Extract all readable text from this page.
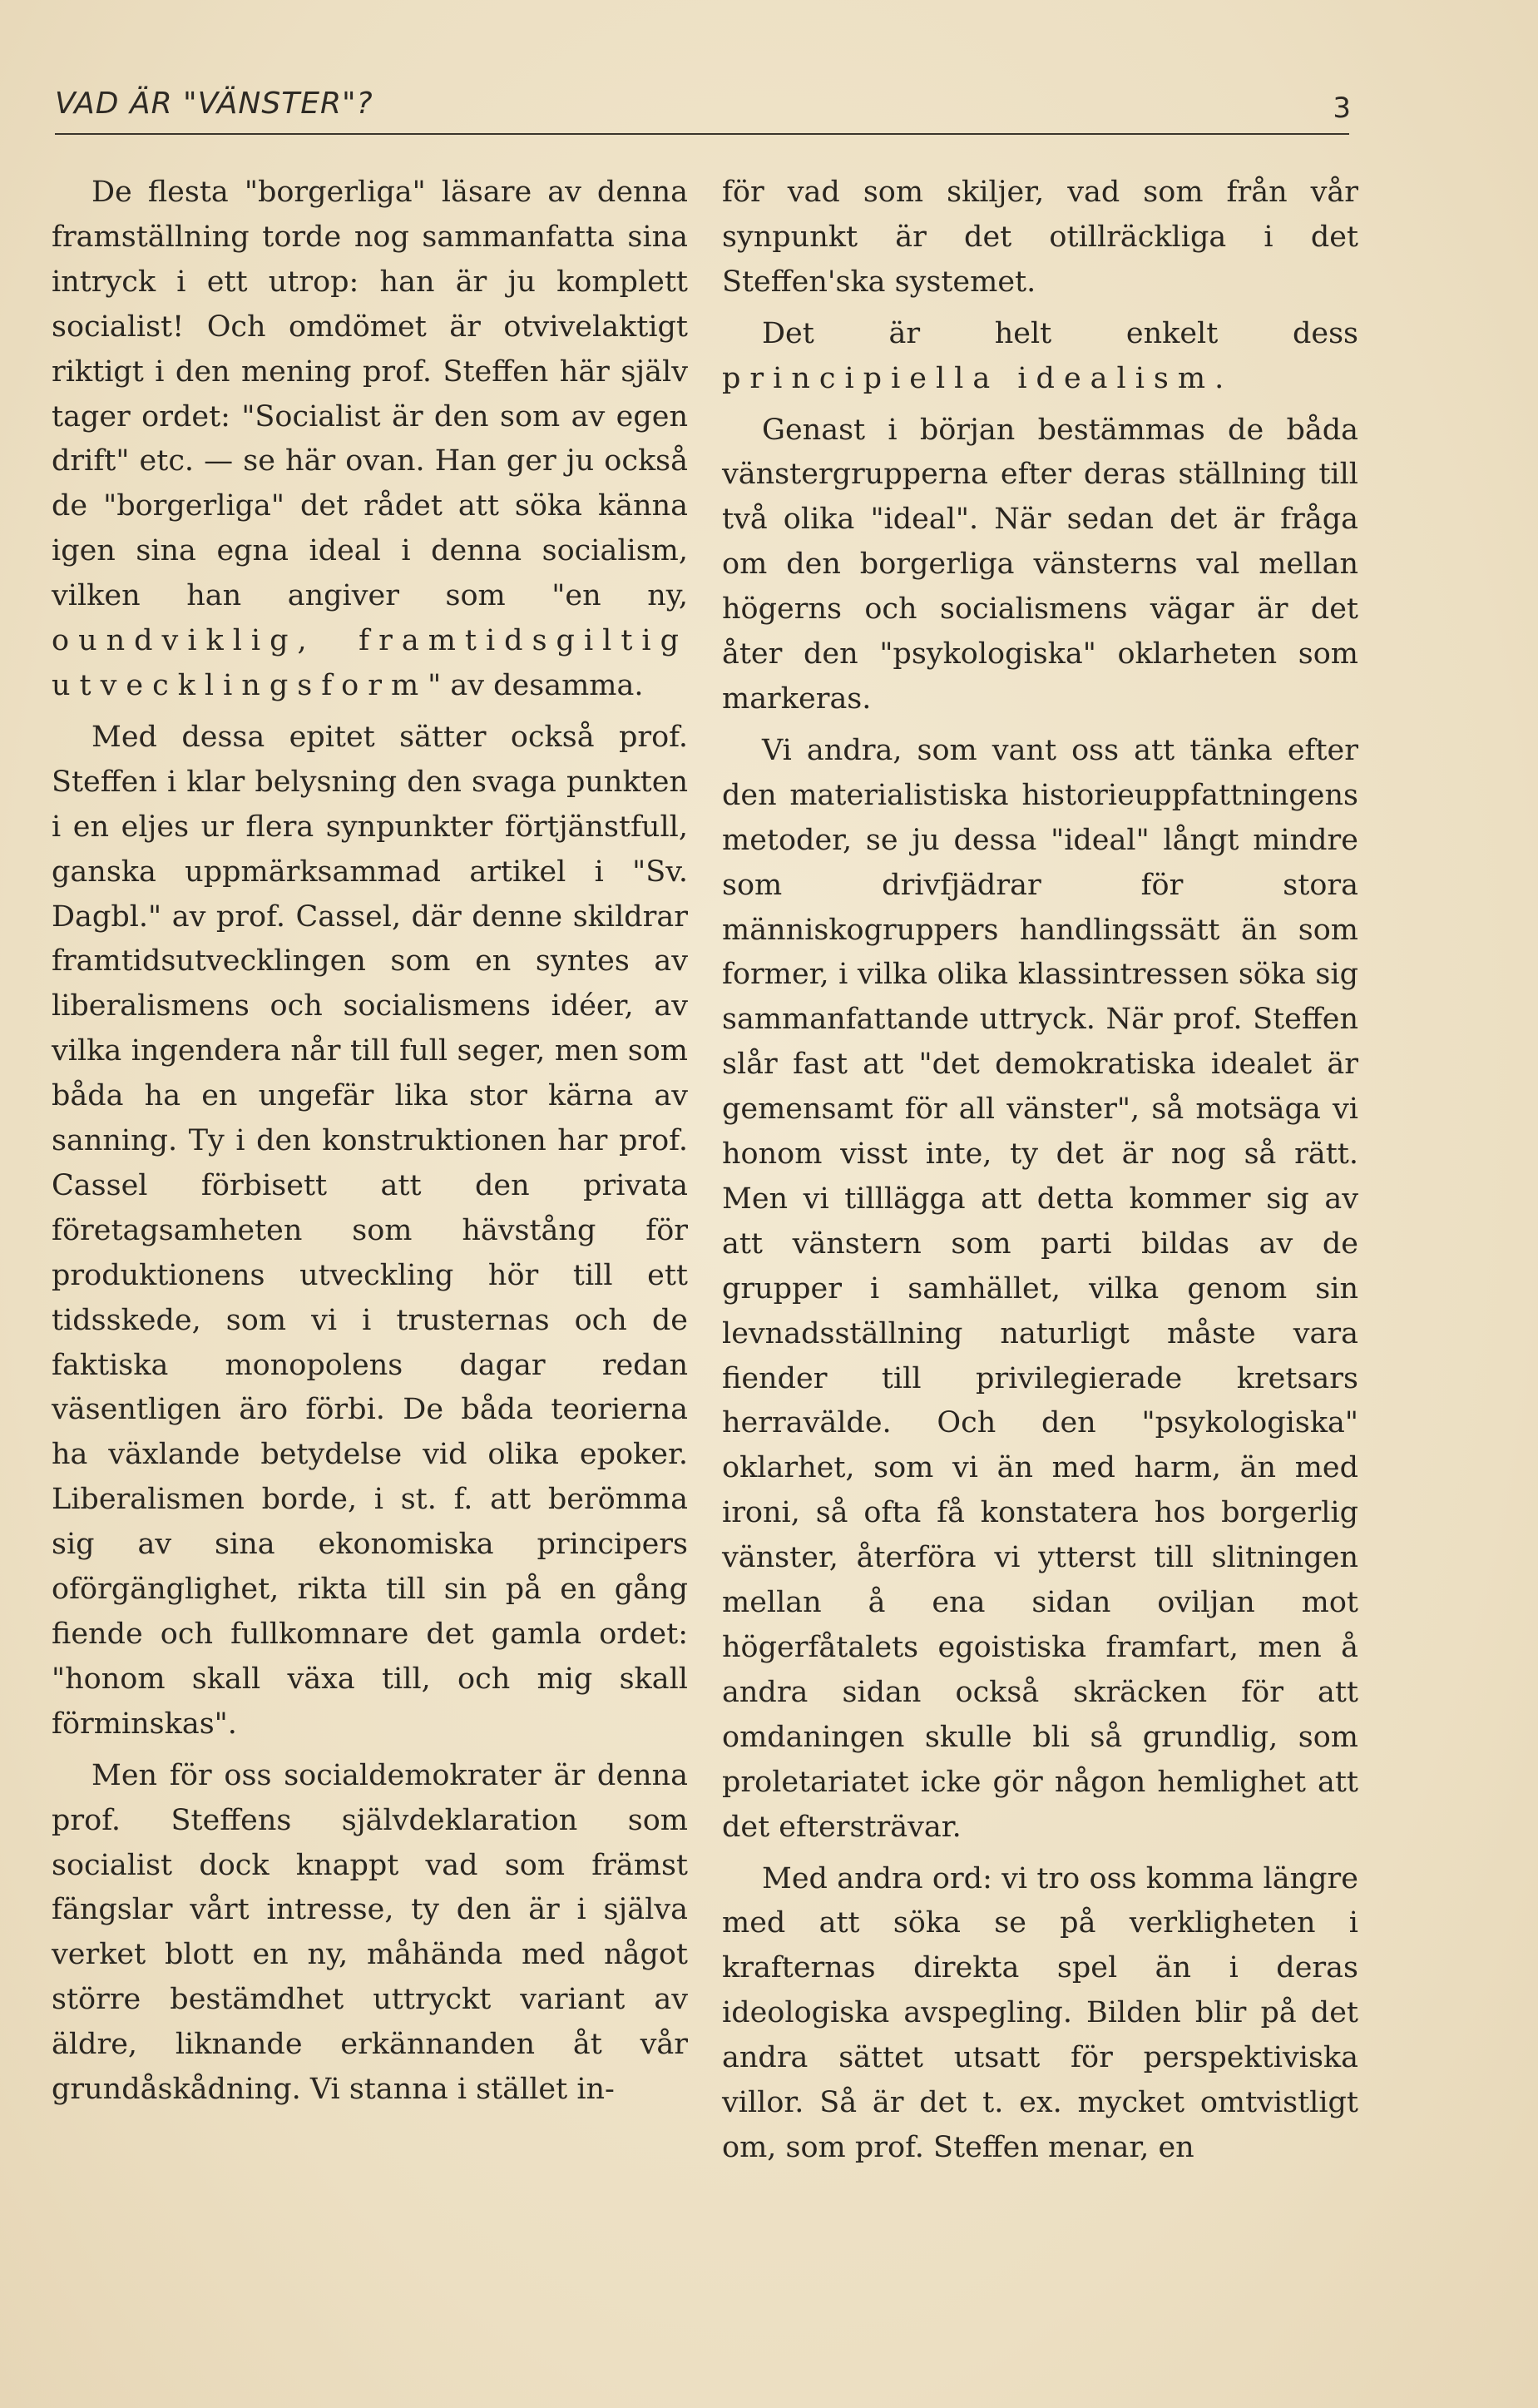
VAD ÄR "VÄNSTER"?	3

De flesta "borgerliga" läsare av denna framställning torde nog sammanfatta sina intryck i ett utrop: han är ju komplett socialist! Och omdömet är otvivelaktigt riktigt i den mening prof. Steffen här själv tager ordet: "Socialist är den som av egen drift" etc. — se här ovan. Han ger ju också de "borgerliga" det rådet att söka känna igen sina egna ideal i denna socialism, vilken han angiver som "en ny, oundviklig, framtidsgiltig utvecklingsform" av desamma.

Med dessa epitet sätter också prof. Steffen i klar belysning den svaga punkten i en eljes ur flera synpunkter förtjänstfull, ganska uppmärksammad artikel i "Sv. Dagbl." av prof. Cassel, där denne skildrar framtidsutvecklingen som en syntes av liberalismens och socialismens idéer, av vilka ingendera når till full seger, men som båda ha en ungefär lika stor kärna av sanning. Ty i den konstruktionen har prof. Cassel förbisett att den privata företagsamheten som hävstång för produktionens utveckling hör till ett tidsskede, som vi i trusternas och de faktiska monopolens dagar redan väsentligen äro förbi. De båda teorierna ha växlande betydelse vid olika epoker. Liberalismen borde, i st. f. att berömma sig av sina ekonomiska principers oförgänglighet, rikta till sin på en gång fiende och fullkomnare det gamla ordet: "honom skall växa till, och mig skall förminskas".

Men för oss socialdemokrater är denna prof. Steffens självdeklaration som socialist dock knappt vad som främst fängslar vårt intresse, ty den är i själva verket blott en ny, måhända med något större bestämdhet uttryckt variant av äldre, liknande erkännanden åt vår grundåskådning. Vi stanna i stället in-

för vad som skiljer, vad som från vår synpunkt är det otillräckliga i det Steffen'ska systemet.

Det är helt enkelt dess principiella idealism.

Genast i början bestämmas de båda vänstergrupperna efter deras ställning till två olika "ideal". När sedan det är fråga om den borgerliga vänsterns val mellan högerns och socialismens vägar är det åter den "psykologiska" oklarheten som markeras.

Vi andra, som vant oss att tänka efter den materialistiska historieuppfattningens metoder, se ju dessa "ideal" långt mindre som drivfjädrar för stora människogruppers handlingssätt än som former, i vilka olika klassintressen söka sig sammanfattande uttryck. När prof. Steffen slår fast att "det demokratiska idealet är gemensamt för all vänster", så motsäga vi honom visst inte, ty det är nog så rätt. Men vi tilllägga att detta kommer sig av att vänstern som parti bildas av de grupper i samhället, vilka genom sin levnadsställning naturligt måste vara fiender till privilegierade kretsars herravälde. Och den "psykologiska" oklarhet, som vi än med harm, än med ironi, så ofta få konstatera hos borgerlig vänster, återföra vi ytterst till slitningen mellan å ena sidan oviljan mot högerfåtalets egoistiska framfart, men å andra sidan också skräcken för att omdaningen skulle bli så grundlig, som proletariatet icke gör någon hemlighet att det eftersträvar.

Med andra ord: vi tro oss komma längre med att söka se på verkligheten i krafternas direkta spel än i deras ideologiska avspegling. Bilden blir på det andra sättet utsatt för perspektiviska villor. Så är det t. ex. mycket omtvistligt om, som prof. Steffen menar, en
